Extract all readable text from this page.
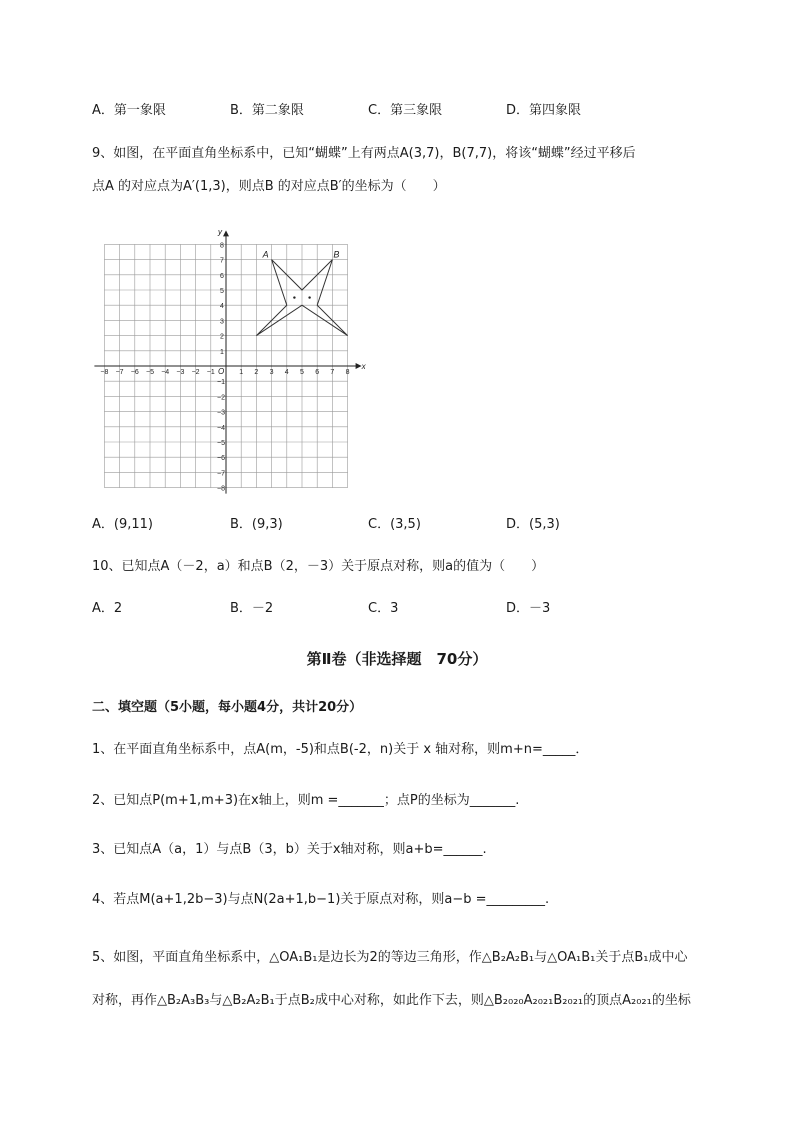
A．第一象限	B．第二象限	C．第三象限	D．第四象限
9、如图，在平面直角坐标系中，已知“蝴蝶”上有两点A(3,7)，B(7,7)，将该“蝴蝶”经过平移后
点A 的对应点为A′(1,3)，则点B 的对应点B′的坐标为（　　）
−8 −7 −6 −5 −4 −3 −2 −1	1 2 3 4 5 6 7 8
8
7
6
5
4
3
2
1
−1
−2
−3
−4
−5
−6
−7
−8
A	B
x
y
O
A．(9,11)	B．(9,3)	C．(3,5)	D．(5,3)
10、已知点A（－2，a）和点B（2，－3）关于原点对称，则a的值为（　　）
A．2	B．－2	C．3	D．－3
第Ⅱ卷（非选择题　70分）
二、填空题（5小题，每小题4分，共计20分）
1、在平面直角坐标系中，点A(m，-5)和点B(-2，n)关于 x 轴对称，则m+n=_____．
2、已知点P(m+1,m+3)在x轴上，则m =_______；点P的坐标为_______.
3、已知点A（a，1）与点B（3，b）关于x轴对称，则a+b=______.
4、若点M(a+1,2b−3)与点N(2a+1,b−1)关于原点对称，则a−b =_________.
5、如图，平面直角坐标系中，△OA₁B₁是边长为2的等边三角形，作△B₂A₂B₁与△OA₁B₁关于点B₁成中心
对称，再作△B₂A₃B₃与△B₂A₂B₁于点B₂成中心对称，如此作下去，则△B₂₀₂₀A₂₀₂₁B₂₀₂₁的顶点A₂₀₂₁的坐标
